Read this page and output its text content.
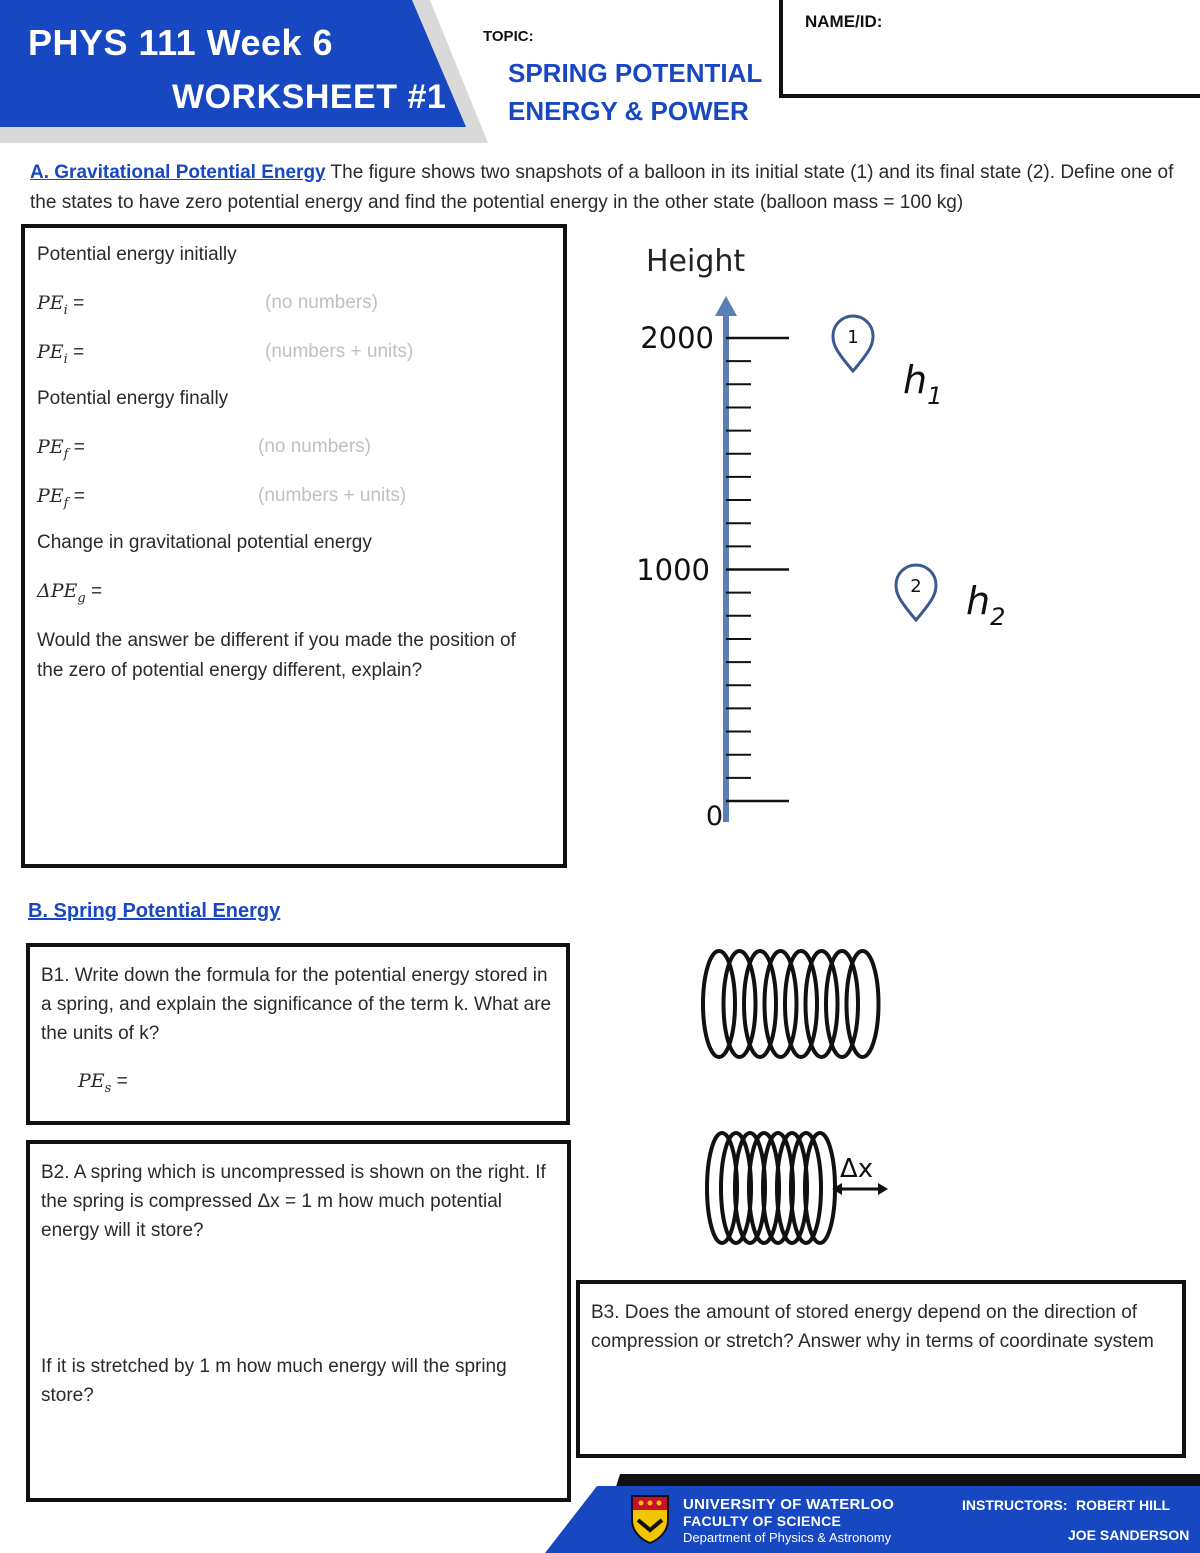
PHYS 111 Week 6
WORKSHEET #1
TOPIC:
SPRING POTENTIAL ENERGY & POWER
NAME/ID:
A. Gravitational Potential Energy The figure shows two snapshots of a balloon in its initial state (1) and its final state (2). Define one of the states to have zero potential energy and find the potential energy in the other state (balloon mass = 100 kg)
Potential energy initially
$PE_i$ =	(no numbers)
$PE_i$ =	(numbers + units)
Potential energy finally
$PE_f$ =	(no numbers)
$PE_f$ =	(numbers + units)
Change in gravitational potential energy
$\Delta PE_g$ =
Would the answer be different if you made the position of the zero of potential energy different, explain?
Height
2000
1000
0
1
$h_1$
2 $h_2$
B. Spring Potential Energy
B1. Write down the formula for the potential energy stored in a spring, and explain the significance of the term k. What are the units of k?
$PE_s$ =
B2. A spring which is uncompressed is shown on the right. If the spring is compressed Δx = 1 m how much potential energy will it store?
If it is stretched by 1 m how much energy will the spring store?
B3. Does the amount of stored energy depend on the direction of compression or stretch? Answer why in terms of coordinate system
Δx
UNIVERSITY OF WATERLOO
FACULTY OF SCIENCE
Department of Physics & Astronomy
INSTRUCTORS: ROBERT HILL
JOE SANDERSON
